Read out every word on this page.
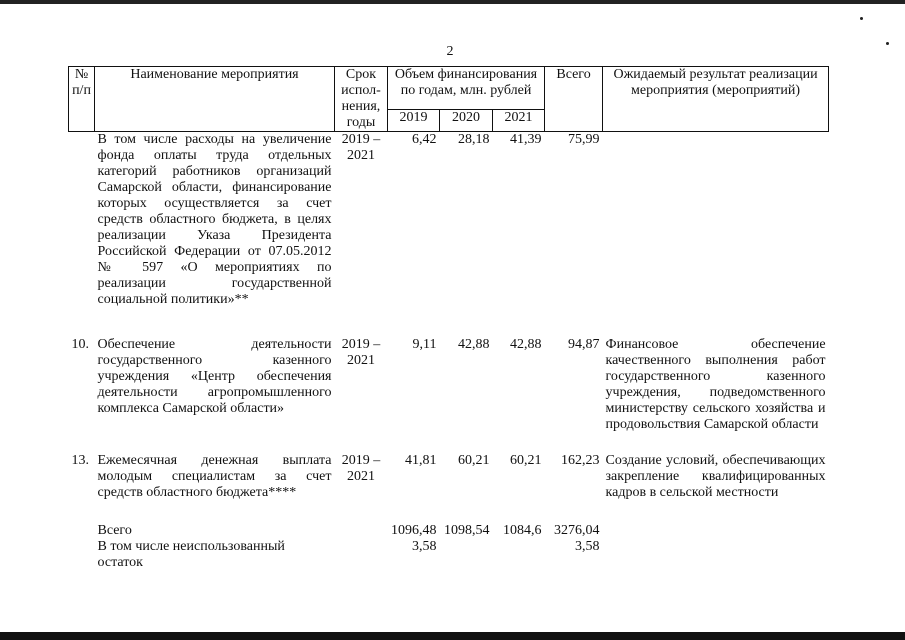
2
№ п/п	Наименование мероприятия	Срок испол-нения, годы	Объем финансирования по годам, млн. рублей			Всего	Ожидаемый результат реализации мероприятия (мероприятий)
			2019	2020	2021		
	В том числе расходы на увеличение фонда оплаты труда отдельных категорий работников организаций Самарской области, финансирование которых осуществляется за счет средств областного бюджета, в целях реализации Указа Президента Российской Федерации от 07.05.2012 № 597 «О мероприятиях по реализации государственной социальной политики»**	2019 – 2021	6,42	28,18	41,39	75,99	
10.	Обеспечение деятельности государственного казенного учреждения «Центр обеспечения деятельности агропромышленного комплекса Самарской области»	2019 – 2021	9,11	42,88	42,88	94,87	Финансовое обеспечение качественного выполнения работ государственного казенного учреждения, подведомственного министерству сельского хозяйства и продовольствия Самарской области
13.	Ежемесячная денежная выплата молодым специалистам за счет средств областного бюджета****	2019 – 2021	41,81	60,21	60,21	162,23	Создание условий, обеспечивающих закрепление квалифицированных кадров в сельской местности
	Всего		1096,48	1098,54	1084,6	3276,04	
	В том числе неиспользованный остаток		3,58			3,58	
